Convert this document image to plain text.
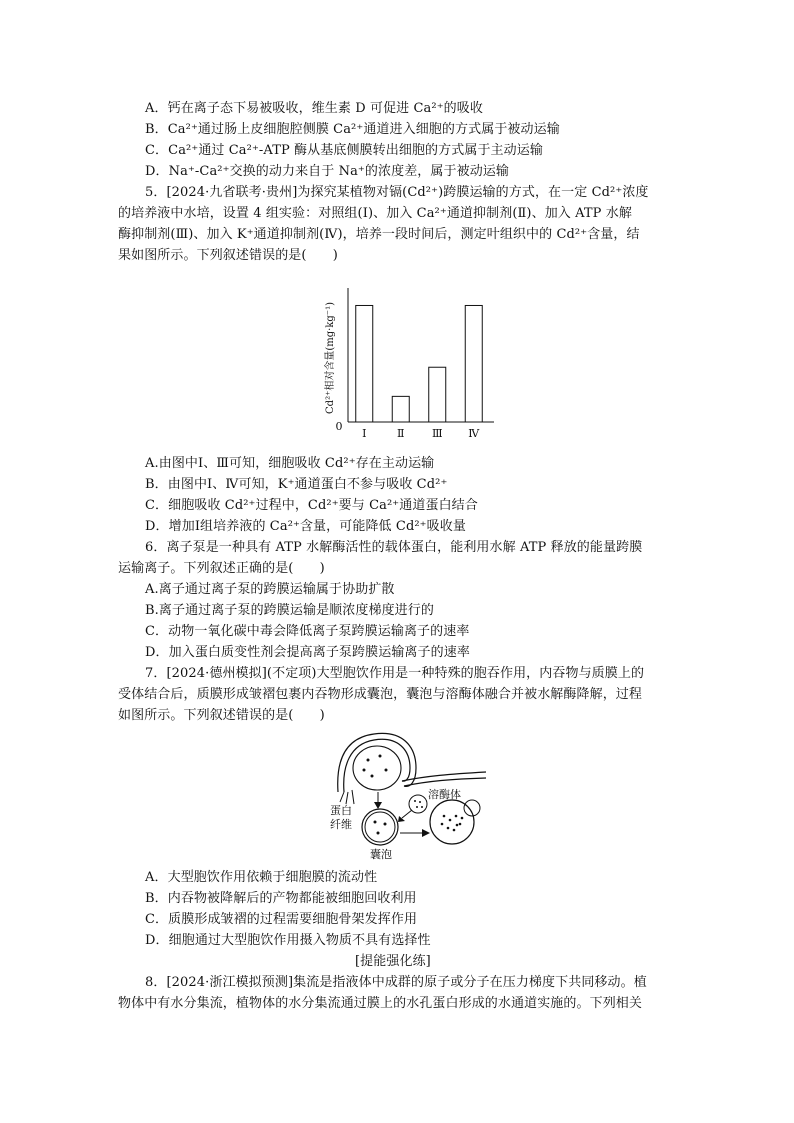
A．钙在离子态下易被吸收，维生素 D 可促进 Ca²⁺的吸收
B．Ca²⁺通过肠上皮细胞腔侧膜 Ca²⁺通道进入细胞的方式属于被动运输
C．Ca²⁺通过 Ca²⁺-ATP 酶从基底侧膜转出细胞的方式属于主动运输
D．Na⁺-Ca²⁺交换的动力来自于 Na⁺的浓度差，属于被动运输
5．[2024·九省联考·贵州]为探究某植物对镉(Cd²⁺)跨膜运输的方式，在一定 Cd²⁺浓度
的培养液中水培，设置 4 组实验：对照组(Ⅰ)、加入 Ca²⁺通道抑制剂(Ⅱ)、加入 ATP 水解
酶抑制剂(Ⅲ)、加入 K⁺通道抑制剂(Ⅳ)，培养一段时间后，测定叶组织中的 Cd²⁺含量，结
果如图所示。下列叙述错误的是(　　)
Cd²⁺相对含量(mg·kg⁻¹)
0
Ⅰ	Ⅱ Ⅲ Ⅳ
A.由图中Ⅰ、Ⅲ可知，细胞吸收 Cd²⁺存在主动运输
B．由图中Ⅰ、Ⅳ可知，K⁺通道蛋白不参与吸收 Cd²⁺
C．细胞吸收 Cd²⁺过程中，Cd²⁺要与 Ca²⁺通道蛋白结合
D．增加Ⅰ组培养液的 Ca²⁺含量，可能降低 Cd²⁺吸收量
6．离子泵是一种具有 ATP 水解酶活性的载体蛋白，能利用水解 ATP 释放的能量跨膜
运输离子。下列叙述正确的是(　　)
A.离子通过离子泵的跨膜运输属于协助扩散
B.离子通过离子泵的跨膜运输是顺浓度梯度进行的
C．动物一氧化碳中毒会降低离子泵跨膜运输离子的速率
D．加入蛋白质变性剂会提高离子泵跨膜运输离子的速率
7．[2024·德州模拟](不定项)大型胞饮作用是一种特殊的胞吞作用，内吞物与质膜上的
受体结合后，质膜形成皱褶包裹内吞物形成囊泡，囊泡与溶酶体融合并被水解酶降解，过程
如图所示。下列叙述错误的是(　　)
溶酶体
蛋白
纤维
囊泡
A．大型胞饮作用依赖于细胞膜的流动性
B．内吞物被降解后的产物都能被细胞回收利用
C．质膜形成皱褶的过程需要细胞骨架发挥作用
D．细胞通过大型胞饮作用摄入物质不具有选择性
[提能强化练]
8．[2024·浙江模拟预测]集流是指液体中成群的原子或分子在压力梯度下共同移动。植
物体中有水分集流，植物体的水分集流通过膜上的水孔蛋白形成的水通道实施的。下列相关
